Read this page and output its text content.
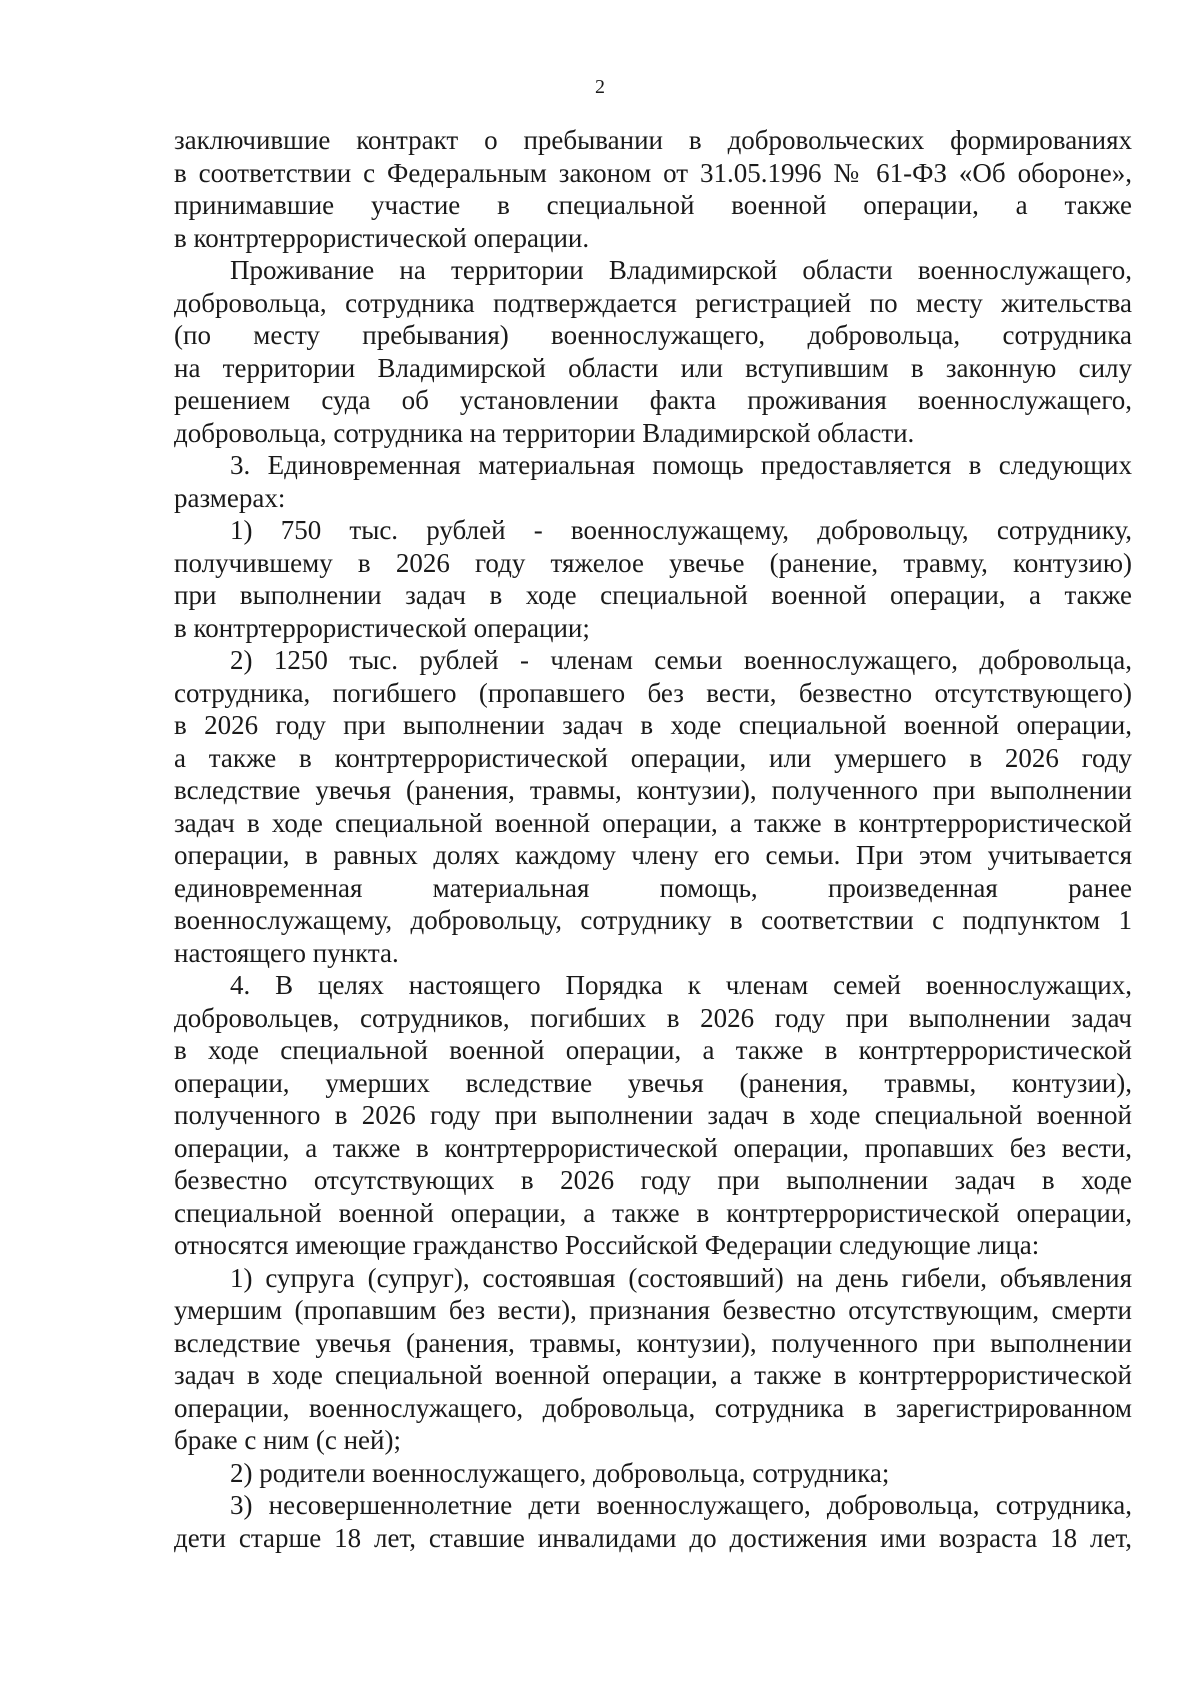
2
заключившие контракт о пребывании в добровольческих формированиях
в соответствии с Федеральным законом от 31.05.1996 № 61-ФЗ «Об обороне»,
принимавшие участие в специальной военной операции, а также
в контртеррористической операции.
Проживание на территории Владимирской области военнослужащего,
добровольца, сотрудника подтверждается регистрацией по месту жительства
(по месту пребывания) военнослужащего, добровольца, сотрудника
на территории Владимирской области или вступившим в законную силу
решением суда об установлении факта проживания военнослужащего,
добровольца, сотрудника на территории Владимирской области.
3. Единовременная материальная помощь предоставляется в следующих
размерах:
1) 750 тыс. рублей - военнослужащему, добровольцу, сотруднику,
получившему в 2026 году тяжелое увечье (ранение, травму, контузию)
при выполнении задач в ходе специальной военной операции, а также
в контртеррористической операции;
2) 1250 тыс. рублей - членам семьи военнослужащего, добровольца,
сотрудника, погибшего (пропавшего без вести, безвестно отсутствующего)
в 2026 году при выполнении задач в ходе специальной военной операции,
а также в контртеррористической операции, или умершего в 2026 году
вследствие увечья (ранения, травмы, контузии), полученного при выполнении
задач в ходе специальной военной операции, а также в контртеррористической
операции, в равных долях каждому члену его семьи. При этом учитывается
единовременная материальная помощь, произведенная ранее
военнослужащему, добровольцу, сотруднику в соответствии с подпунктом 1
настоящего пункта.
4. В целях настоящего Порядка к членам семей военнослужащих,
добровольцев, сотрудников, погибших в 2026 году при выполнении задач
в ходе специальной военной операции, а также в контртеррористической
операции, умерших вследствие увечья (ранения, травмы, контузии),
полученного в 2026 году при выполнении задач в ходе специальной военной
операции, а также в контртеррористической операции, пропавших без вести,
безвестно отсутствующих в 2026 году при выполнении задач в ходе
специальной военной операции, а также в контртеррористической операции,
относятся имеющие гражданство Российской Федерации следующие лица:
1) супруга (супруг), состоявшая (состоявший) на день гибели, объявления
умершим (пропавшим без вести), признания безвестно отсутствующим, смерти
вследствие увечья (ранения, травмы, контузии), полученного при выполнении
задач в ходе специальной военной операции, а также в контртеррористической
операции, военнослужащего, добровольца, сотрудника в зарегистрированном
браке с ним (с ней);
2) родители военнослужащего, добровольца, сотрудника;
3) несовершеннолетние дети военнослужащего, добровольца, сотрудника,
дети старше 18 лет, ставшие инвалидами до достижения ими возраста 18 лет,
